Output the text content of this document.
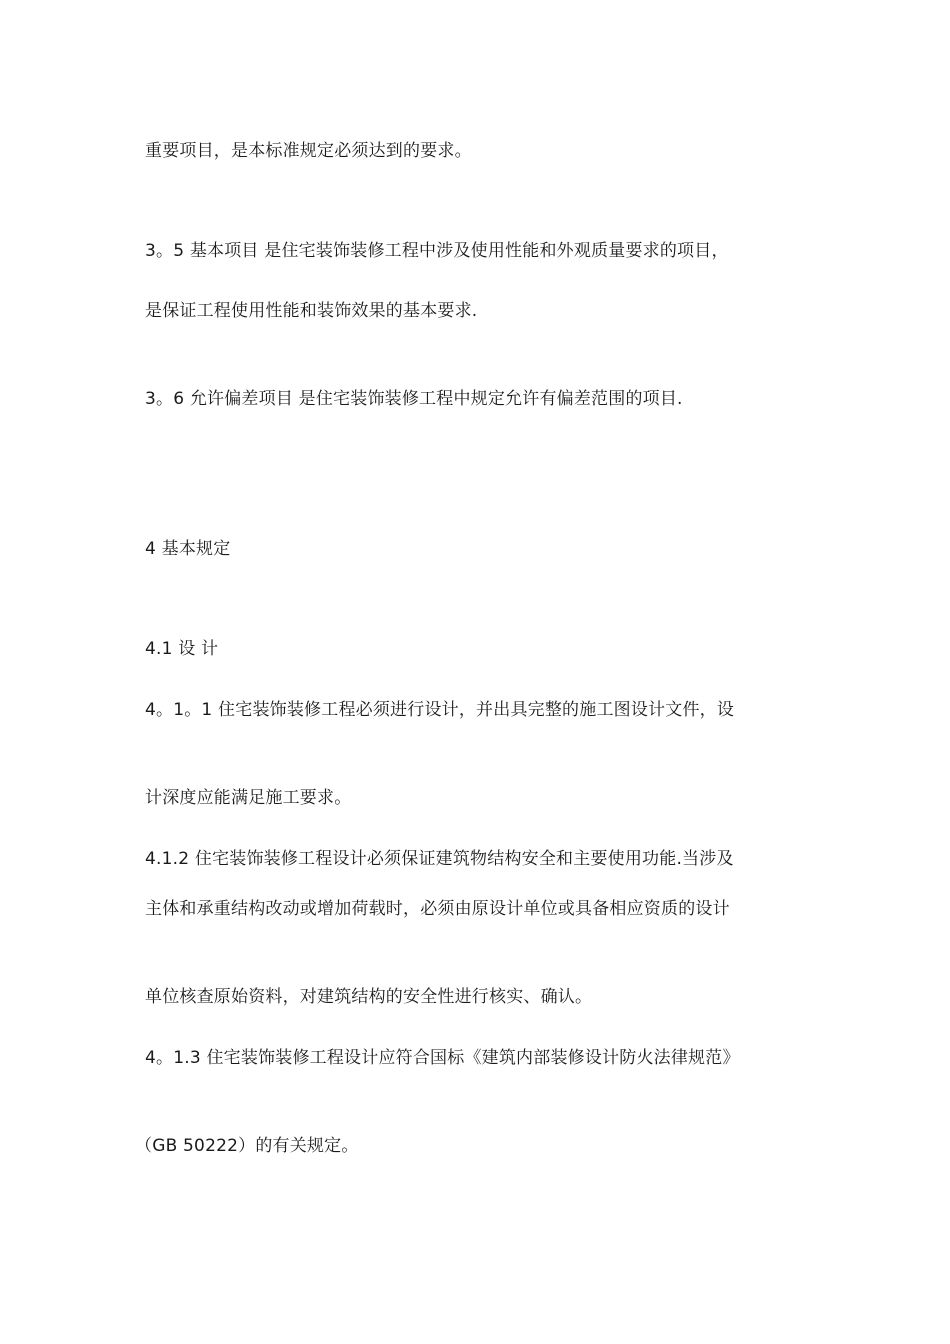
重要项目，是本标准规定必须达到的要求。
3。5 基本项目 是住宅装饰装修工程中涉及使用性能和外观质量要求的项目，
是保证工程使用性能和装饰效果的基本要求.
3。6 允许偏差项目 是住宅装饰装修工程中规定允许有偏差范围的项目.
4 基本规定
4.1 设 计
4。1。1 住宅装饰装修工程必须进行设计，并出具完整的施工图设计文件，设
计深度应能满足施工要求。
4.1.2 住宅装饰装修工程设计必须保证建筑物结构安全和主要使用功能.当涉及
主体和承重结构改动或增加荷载时，必须由原设计单位或具备相应资质的设计
单位核查原始资料，对建筑结构的安全性进行核实、确认。
4。1.3 住宅装饰装修工程设计应符合国标《建筑内部装修设计防火法律规范》
（GB 50222）的有关规定。
